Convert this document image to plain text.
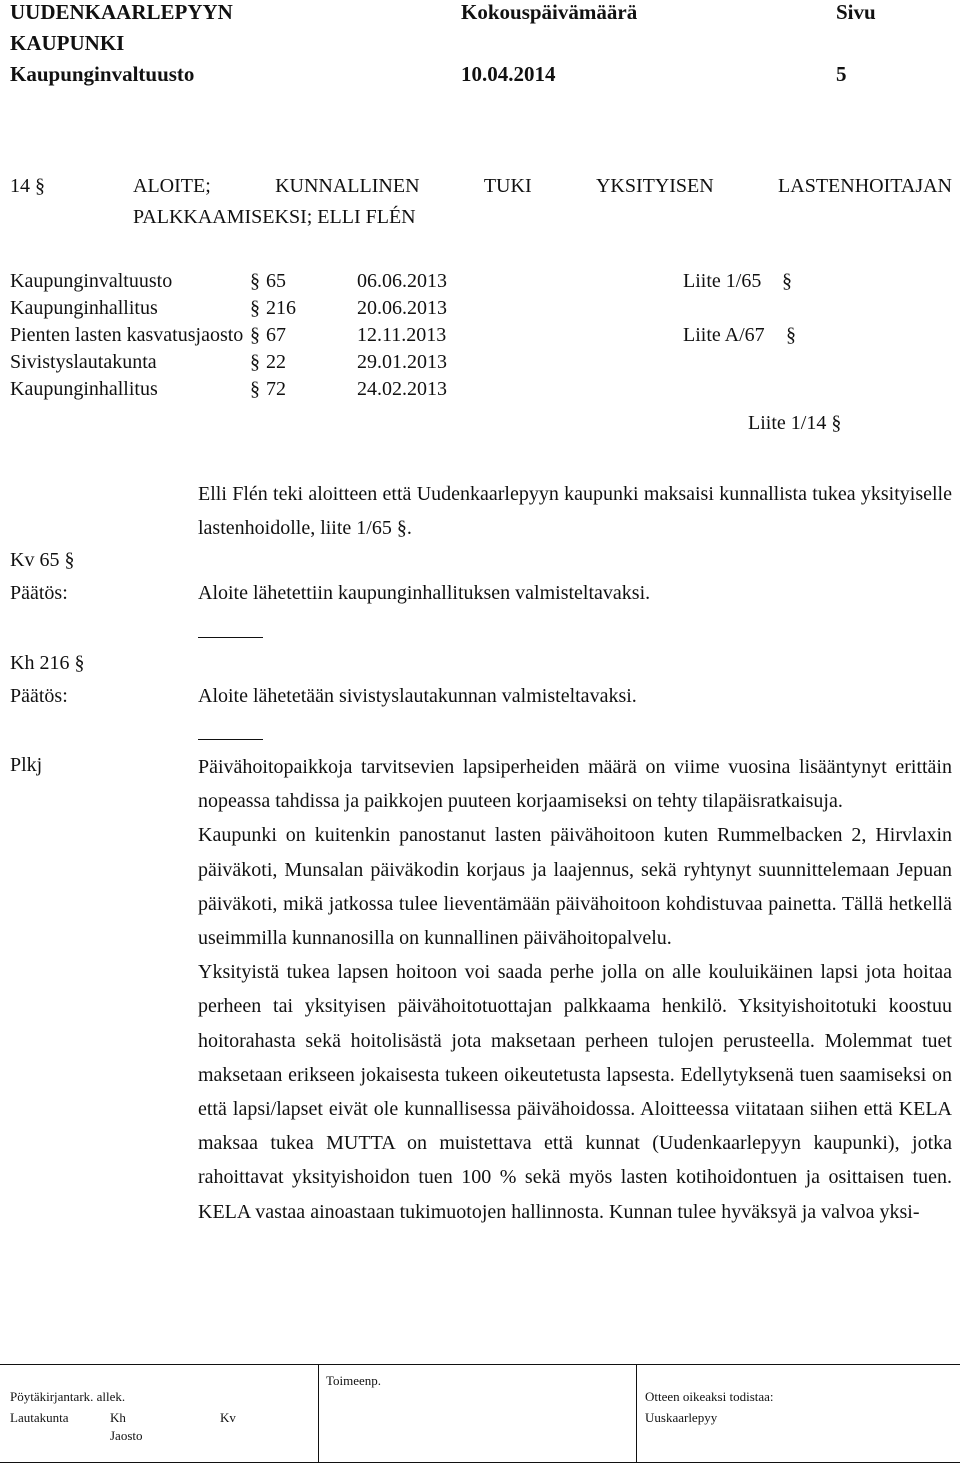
UUDENKAARLEPYYN
KAUPUNKI
Kaupunginvaltuusto
Kokouspäivämäärä
10.04.2014
Sivu
5
14 §	ALOITE;	KUNNALLINEN	TUKI	YKSITYISEN	LASTENHOITAJAN
PALKKAAMISEKSI; ELLI FLÉN
Kaupunginvaltuusto	§ 65	06.06.2013	Liite 1/65 §
Kaupunginhallitus	§ 216	20.06.2013
Pienten lasten kasvatusjaosto § 67	12.11.2013	Liite A/67 §
Sivistyslautakunta	§ 22	29.01.2013
Kaupunginhallitus	§ 72	24.02.2013
Liite 1/14 §
Elli Flén teki aloitteen että Uudenkaarlepyyn kaupunki maksaisi kunnallista tukea yksityiselle lastenhoidolle, liite 1/65 §.
Kv 65 §
Päätös:	Aloite lähetettiin kaupunginhallituksen valmisteltavaksi.
Kh 216 §
Päätös:	Aloite lähetetään sivistyslautakunnan valmisteltavaksi.
Plkj	Päivähoitopaikkoja tarvitsevien lapsiperheiden määrä on viime vuosina lisääntynyt erittäin nopeassa tahdissa ja paikkojen puuteen korjaamiseksi on tehty tilapäisratkaisuja.
Kaupunki on kuitenkin panostanut lasten päivähoitoon kuten Rummelbacken 2, Hirvlaxin päiväkoti, Munsalan päiväkodin korjaus ja laajennus, sekä ryhtynyt suunnittelemaan Jepuan päiväkoti, mikä jatkossa tulee lieventämään päivähoitoon kohdistuvaa painetta. Tällä hetkellä useimmilla kunnanosilla on kunnallinen päivähoitopalvelu.
Yksityistä tukea lapsen hoitoon voi saada perhe jolla on alle kouluikäinen lapsi jota hoitaa perheen tai yksityisen päivähoitotuottajan palkkaama henkilö. Yksityishoitotuki koostuu hoitorahasta sekä hoitolisästä jota maksetaan perheen tulojen perusteella. Molemmat tuet maksetaan erikseen jokaisesta tukeen oikeutetusta lapsesta. Edellytyksenä tuen saamiseksi on että lapsi/lapset eivät ole kunnallisessa päivähoidossa. Aloitteessa viitataan siihen että KELA maksaa tukea MUTTA on muistettava että kunnat (Uudenkaarlepyyn kaupunki), jotka rahoittavat yksityishoidon tuen 100 % sekä myös lasten kotihoidontuen ja osittaisen tuen. KELA vastaa ainoastaan tukimuotojen hallinnosta. Kunnan tulee hyväksyä ja valvoa yksi-
Pöytäkirjantark. allek.
Lautakunta	Kh	Kv
Jaosto
Toimeenp.
Otteen oikeaksi todistaa:
Uuskaarlepyy
